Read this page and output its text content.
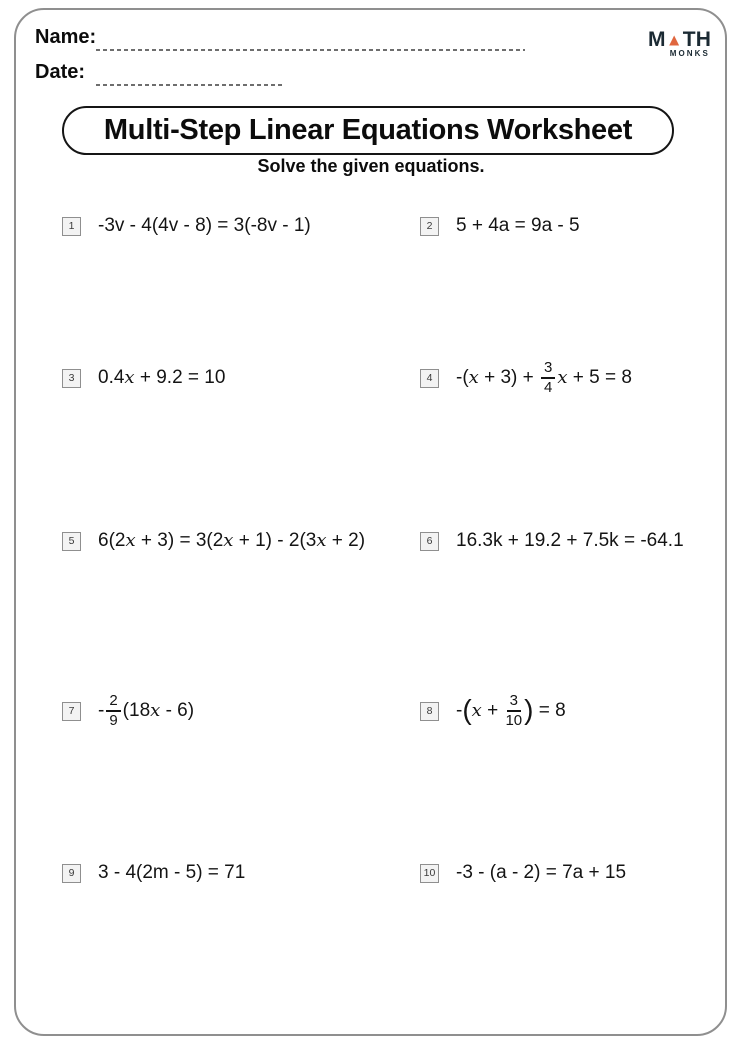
Name:
Date:
M ▲ TH
MONKS
Multi-Step Linear Equations Worksheet
Solve the given equations.
1	-3v - 4(4v - 8) = 3(-8v - 1)	2	5 + 4a = 9a - 5
3	0.4 x + 9.2 = 10	4	-( $x + 3) + \frac{3}{4}$ x + 5 = 8
5	6(2 x + 3) = 3(2 x + 1) - 2(3 x + 2)	6	16.3k + 19.2 + 7.5k = -64.1
7	- $\frac{2}{9} (18$ x - 6)	8	- ( $x + \frac{3}{10}$ ) = 8
9	3 - 4(2m - 5) = 71	10 -3 - (a - 2) = 7a + 15
